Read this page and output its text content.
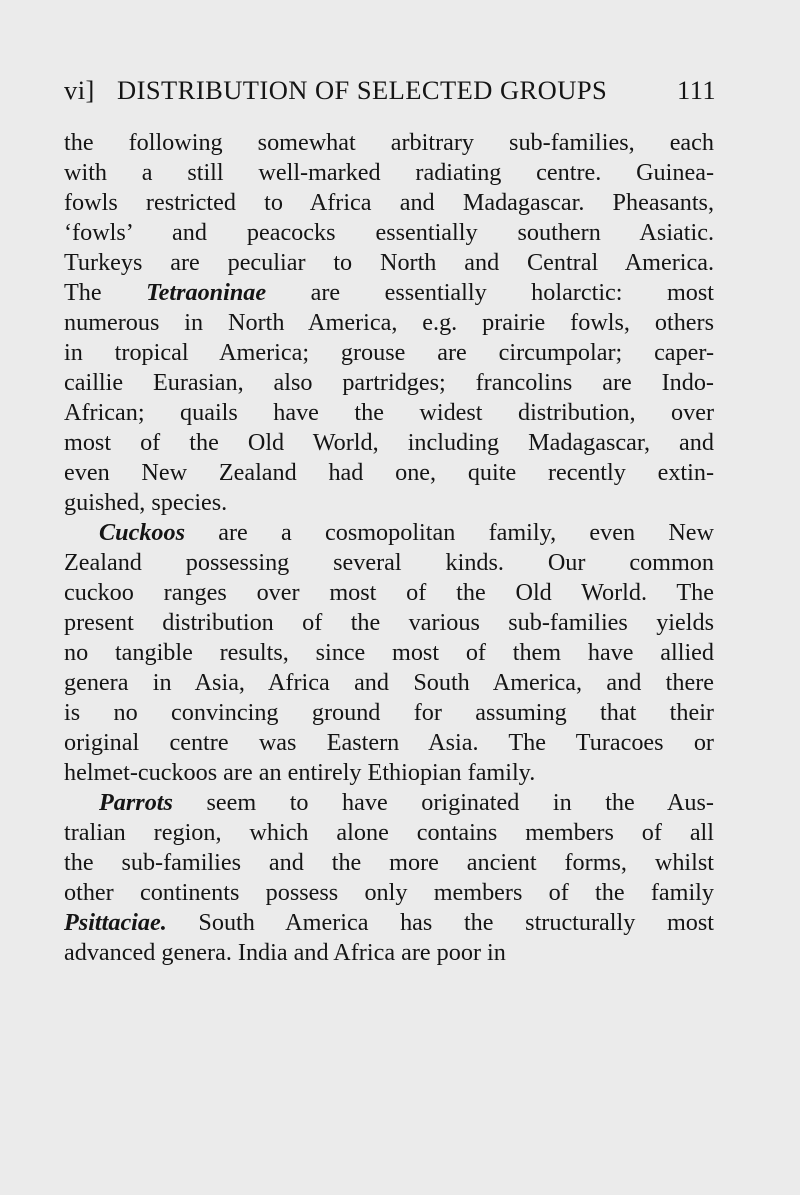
vi] DISTRIBUTION OF SELECTED GROUPS	111
the following somewhat arbitrary sub-families, each
with a still well-marked radiating centre. Guinea-
fowls restricted to Africa and Madagascar. Pheasants,
‘fowls’ and peacocks essentially southern Asiatic.
Turkeys are peculiar to North and Central America.
The Tetraoninae are essentially holarctic: most
numerous in North America, e.g. prairie fowls, others
in tropical America; grouse are circumpolar; caper-
caillie Eurasian, also partridges; francolins are Indo-
African; quails have the widest distribution, over
most of the Old World, including Madagascar, and
even New Zealand had one, quite recently extin-
guished, species.
Cuckoos are a cosmopolitan family, even New
Zealand possessing several kinds. Our common
cuckoo ranges over most of the Old World. The
present distribution of the various sub-families yields
no tangible results, since most of them have allied
genera in Asia, Africa and South America, and there
is no convincing ground for assuming that their
original centre was Eastern Asia. The Turacoes or
helmet-cuckoos are an entirely Ethiopian family.
Parrots seem to have originated in the Aus-
tralian region, which alone contains members of all
the sub-families and the more ancient forms, whilst
other continents possess only members of the family
Psittaciae. South America has the structurally most
advanced genera. India and Africa are poor in
